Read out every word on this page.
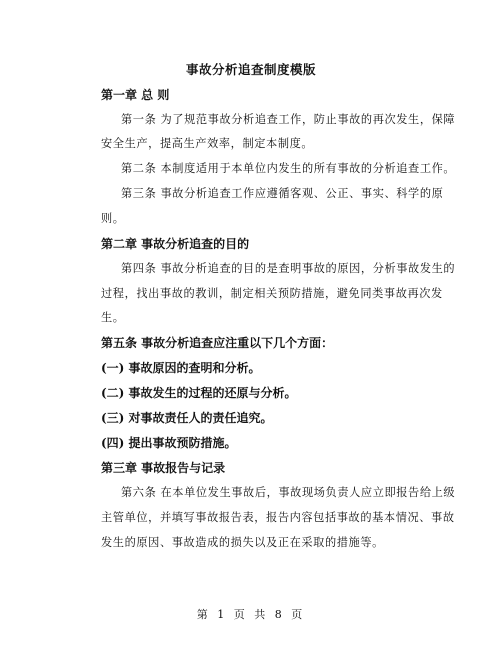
事故分析追查制度模版
第一章 总 则
第一条 为了规范事故分析追查工作，防止事故的再次发生，保障
安全生产，提高生产效率，制定本制度。
第二条 本制度适用于本单位内发生的所有事故的分析追查工作。
第三条 事故分析追查工作应遵循客观、公正、事实、科学的原
则。
第二章 事故分析追查的目的
第四条 事故分析追查的目的是查明事故的原因，分析事故发生的
过程，找出事故的教训，制定相关预防措施，避免同类事故再次发
生。
第五条 事故分析追查应注重以下几个方面：
(一) 事故原因的查明和分析。
(二) 事故发生的过程的还原与分析。
(三) 对事故责任人的责任追究。
(四) 提出事故预防措施。
第三章 事故报告与记录
第六条 在本单位发生事故后，事故现场负责人应立即报告给上级
主管单位，并填写事故报告表，报告内容包括事故的基本情况、事故
发生的原因、事故造成的损失以及正在采取的措施等。
第 1 页 共 8 页
